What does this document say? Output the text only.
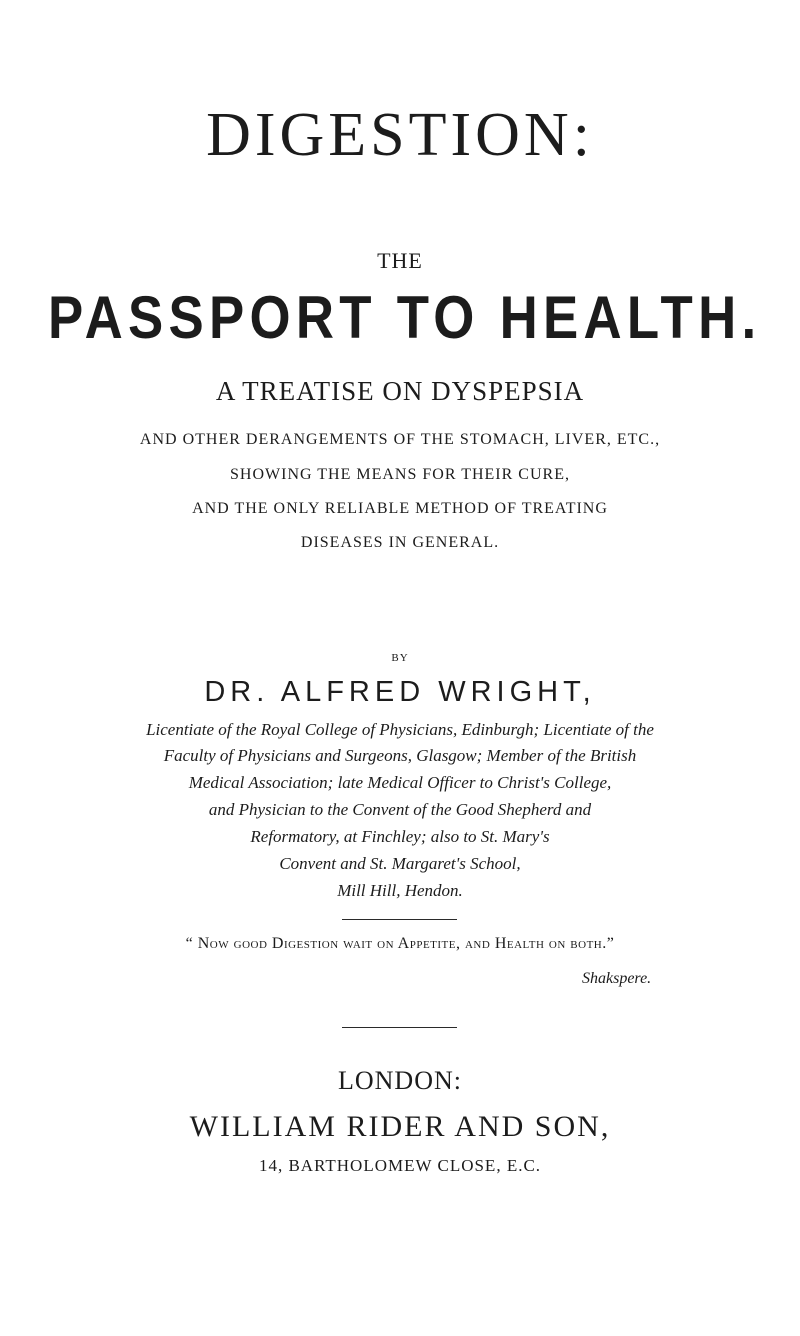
DIGESTION:
THE
PASSPORT TO HEALTH.
A TREATISE ON DYSPEPSIA
AND OTHER DERANGEMENTS OF THE STOMACH, LIVER, ETC.,
SHOWING THE MEANS FOR THEIR CURE,
AND THE ONLY RELIABLE METHOD OF TREATING
DISEASES IN GENERAL.
BY
DR. ALFRED WRIGHT,
Licentiate of the Royal College of Physicians, Edinburgh; Licentiate of the
Faculty of Physicians and Surgeons, Glasgow; Member of the British
Medical Association; late Medical Officer to Christ's College,
and Physician to the Convent of the Good Shepherd and
Reformatory, at Finchley; also to St. Mary's
Convent and St. Margaret's School,
Mill Hill, Hendon.
“ Now good Digestion wait on Appetite, and Health on both.”
Shakspere.
LONDON:
WILLIAM RIDER AND SON,
14, BARTHOLOMEW CLOSE, E.C.
